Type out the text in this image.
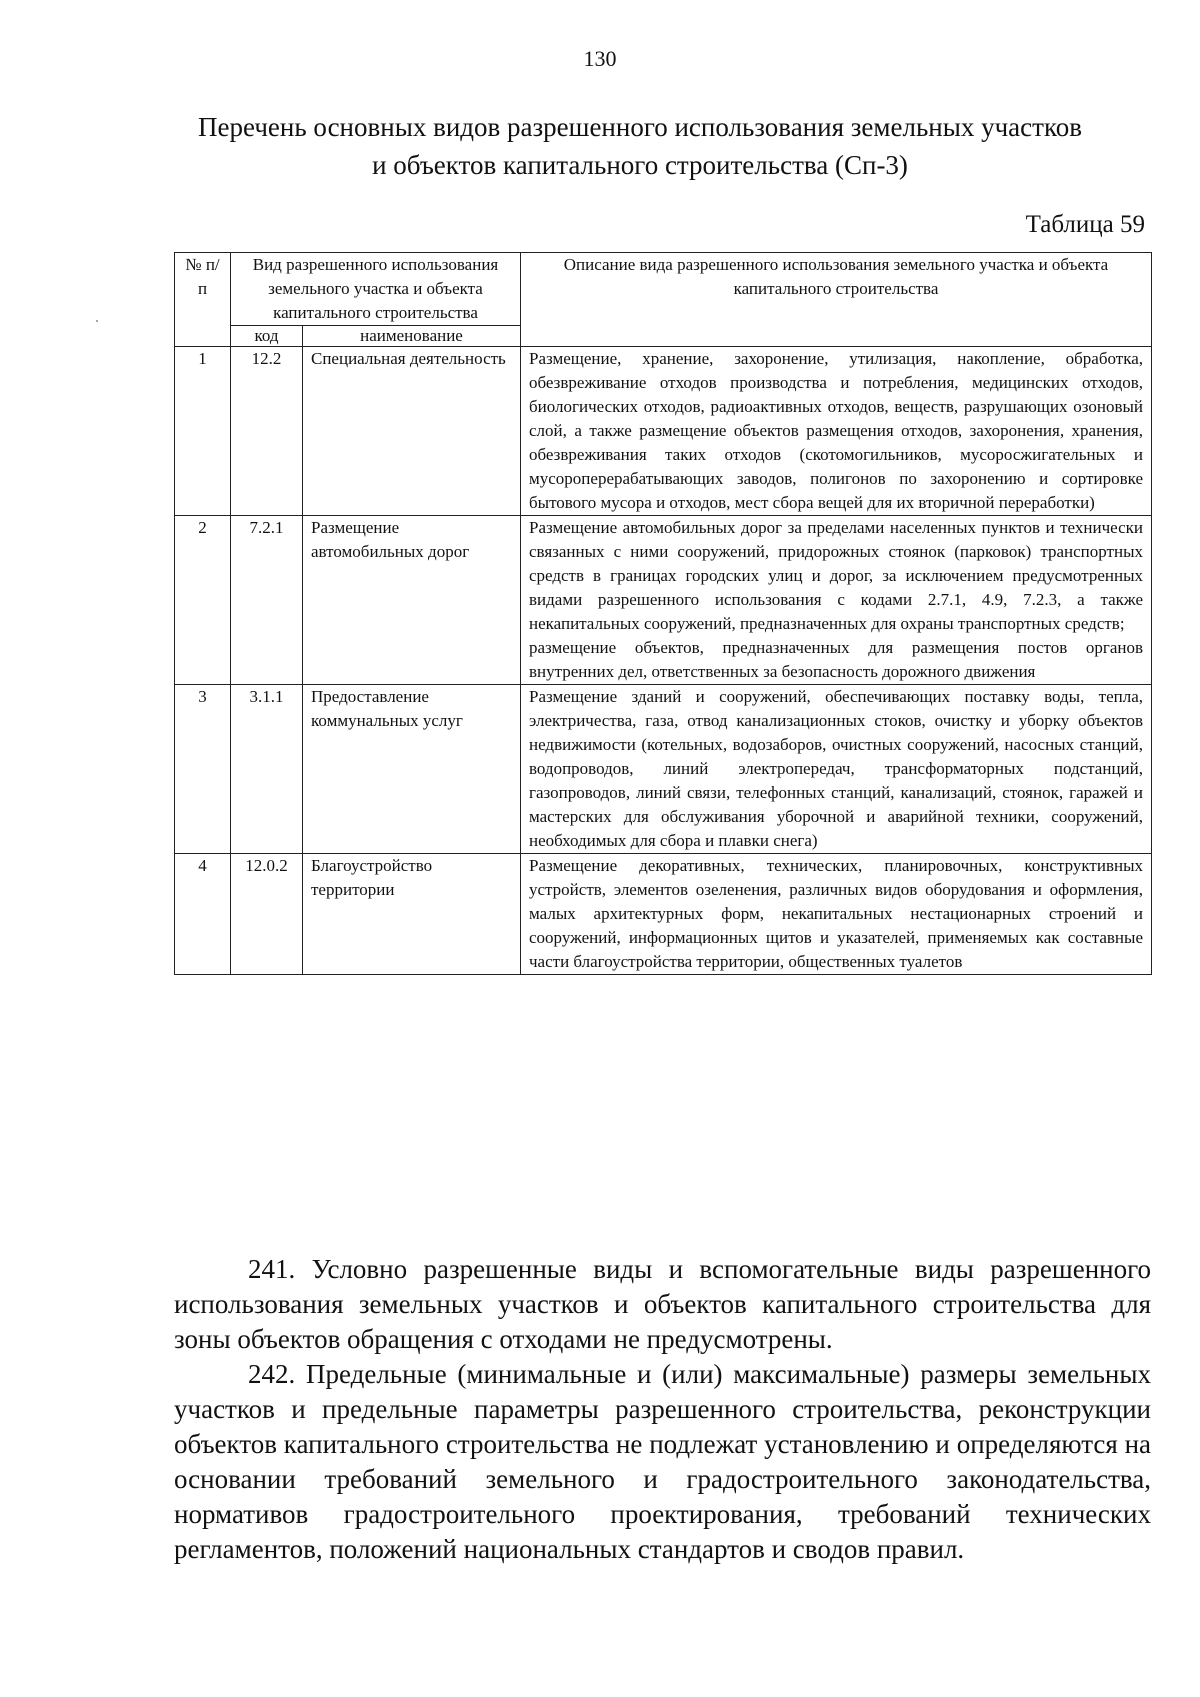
130
Перечень основных видов разрешенного использования земельных участков
и объектов капитального строительства (Сп-3)
Таблица 59
№ п/п	Вид разрешенного использования земельного участка и объекта капитального строительства		Описание вида разрешенного использования земельного участка и объекта капитального строительства
	код	наименование	
1	12.2	Специальная деятельность	Размещение, хранение, захоронение, утилизация, накопление, обработка, обезвреживание отходов производства и потребления, медицинских отходов, биологических отходов, радиоактивных отходов, веществ, разрушающих озоновый слой, а также размещение объектов размещения отходов, захоронения, хранения, обезвреживания таких отходов (скотомогильников, мусоросжигательных и мусороперерабатывающих заводов, полигонов по захоронению и сортировке бытового мусора и отходов, мест сбора вещей для их вторичной переработки)
2	7.2.1	Размещение автомобильных дорог	Размещение автомобильных дорог за пределами населенных пунктов и технически связанных с ними сооружений, придорожных стоянок (парковок) транспортных средств в границах городских улиц и дорог, за исключением предусмотренных видами разрешенного использования с кодами 2.7.1, 4.9, 7.2.3, а также некапитальных сооружений, предназначенных для охраны транспортных средств;
размещение объектов, предназначенных для размещения постов органов внутренних дел, ответственных за безопасность дорожного движения

3	3.1.1	Предоставление коммунальных услуг	Размещение зданий и сооружений, обеспечивающих поставку воды, тепла, электричества, газа, отвод канализационных стоков, очистку и уборку объектов недвижимости (котельных, водозаборов, очистных сооружений, насосных станций, водопроводов, линий электропередач, трансформаторных подстанций, газопроводов, линий связи, телефонных станций, канализаций, стоянок, гаражей и мастерских для обслуживания уборочной и аварийной техники, сооружений, необходимых для сбора и плавки снега)
4	12.0.2	Благоустройство территории	Размещение декоративных, технических, планировочных, конструктивных устройств, элементов озеленения, различных видов оборудования и оформления, малых архитектурных форм, некапитальных нестационарных строений и сооружений, информационных щитов и указателей, применяемых как составные части благоустройства территории, общественных туалетов

241. Условно разрешенные виды и вспомогательные виды разрешенного использования земельных участков и объектов капитального строительства для зоны объектов обращения с отходами не предусмотрены.

242. Предельные (минимальные и (или) максимальные) размеры земельных участков и предельные параметры разрешенного строительства, реконструкции объектов капитального строительства не подлежат установлению и определяются на основании требований земельного и градостроительного законодательства, нормативов градостроительного проектирования, требований технических регламентов, положений национальных стандартов и сводов правил.
